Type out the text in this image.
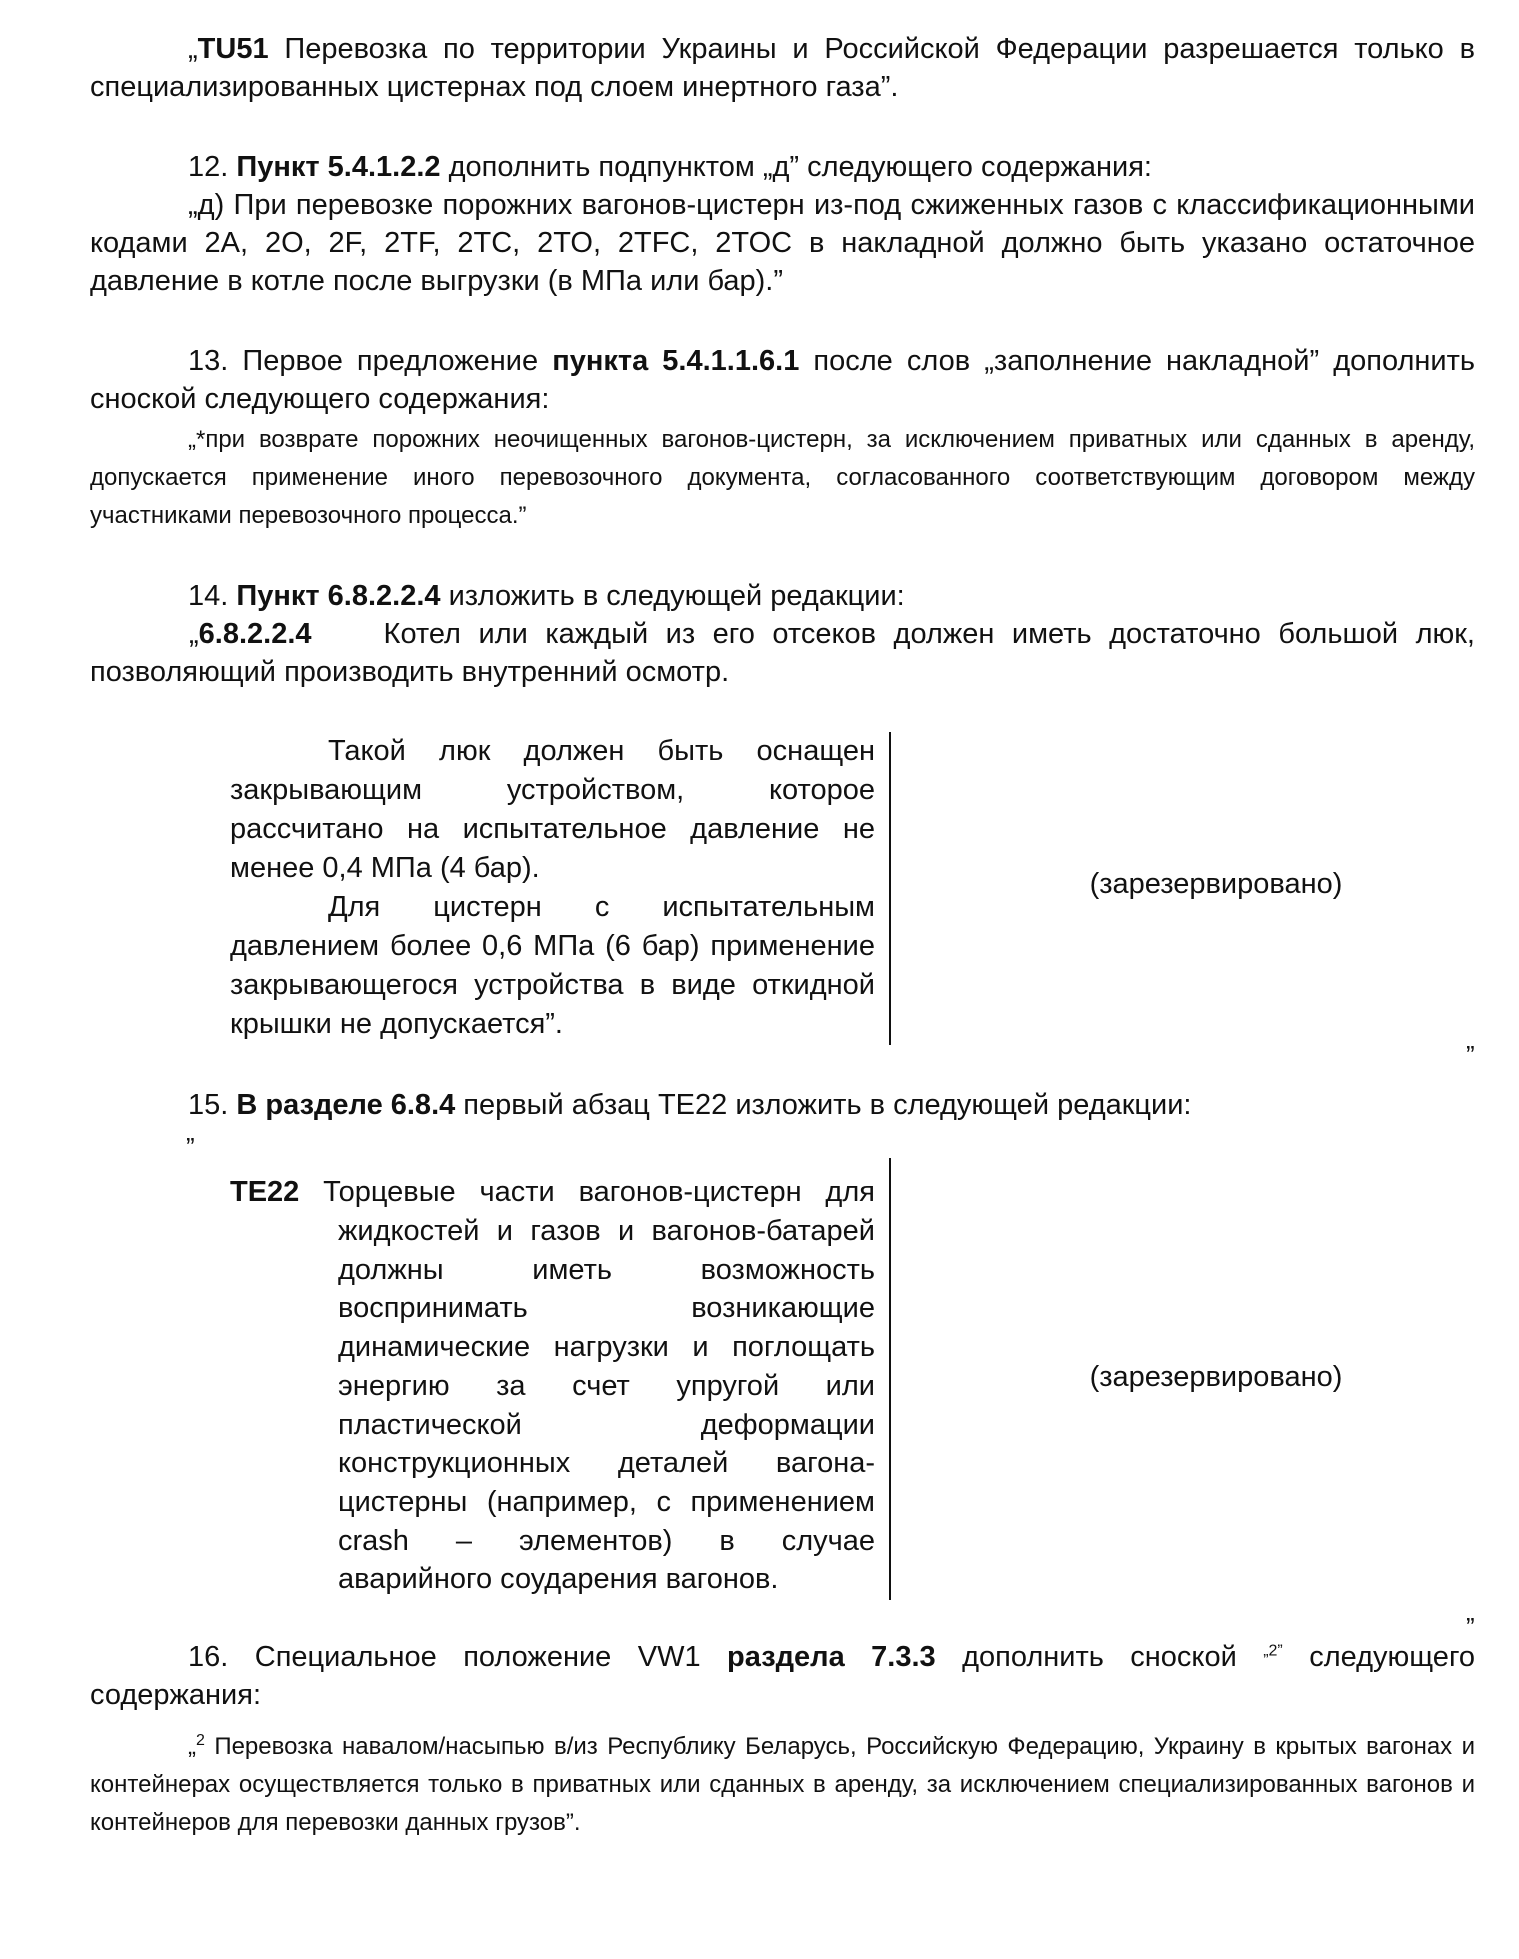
„TU51 Перевозка по территории Украины и Российской Федерации разрешается только в специализированных цистернах под слоем инертного газа”.

12. Пункт 5.4.1.2.2 дополнить подпунктом „д” следующего содержания:

„д) При перевозке порожних вагонов-цистерн из-под сжиженных газов с классификационными кодами 2A, 2O, 2F, 2TF, 2TC, 2TO, 2TFC, 2TOC в накладной должно быть указано остаточное давление в котле после выгрузки (в МПа или бар).”

13. Первое предложение пункта 5.4.1.1.6.1 после слов „заполнение накладной” дополнить сноской следующего содержания:

„*при возврате порожних неочищенных вагонов-цистерн, за исключением приватных или сданных в аренду, допускается применение иного перевозочного документа, согласованного соответствующим договором между участниками перевозочного процесса.”

14. Пункт 6.8.2.2.4 изложить в следующей редакции:

„6.8.2.2.4 Котел или каждый из его отсеков должен иметь достаточно большой люк, позволяющий производить внутренний осмотр.

Такой люк должен быть оснащен закрывающим устройством, которое рассчитано на испытательное давление не менее 0,4 МПа (4 бар).
Для цистерн с испытательным давлением более 0,6 МПа (6 бар) применение закрывающегося устройства в виде откидной крышки не допускается”.
(зарезервировано)
”

15. В разделе 6.8.4 первый абзац TE22 изложить в следующей редакции:

”
TE22 Торцевые части вагонов-цистерн для
жидкостей и газов и вагонов-батарей должны иметь возможность воспринимать возникающие динамические нагрузки и поглощать энергию за счет упругой или пластической деформации конструкционных деталей вагона-цистерны (например, с применением crash – элементов) в случае аварийного соударения вагонов.
(зарезервировано)
”

16. Специальное положение VW1 раздела 7.3.3 дополнить сноской $^{„2”}$ следующего содержания:

„$^2$ Перевозка навалом/насыпью в/из Республику Беларусь, Российскую Федерацию, Украину в крытых вагонах и контейнерах осуществляется только в приватных или сданных в аренду, за исключением специализированных вагонов и контейнеров для перевозки данных грузов”.
